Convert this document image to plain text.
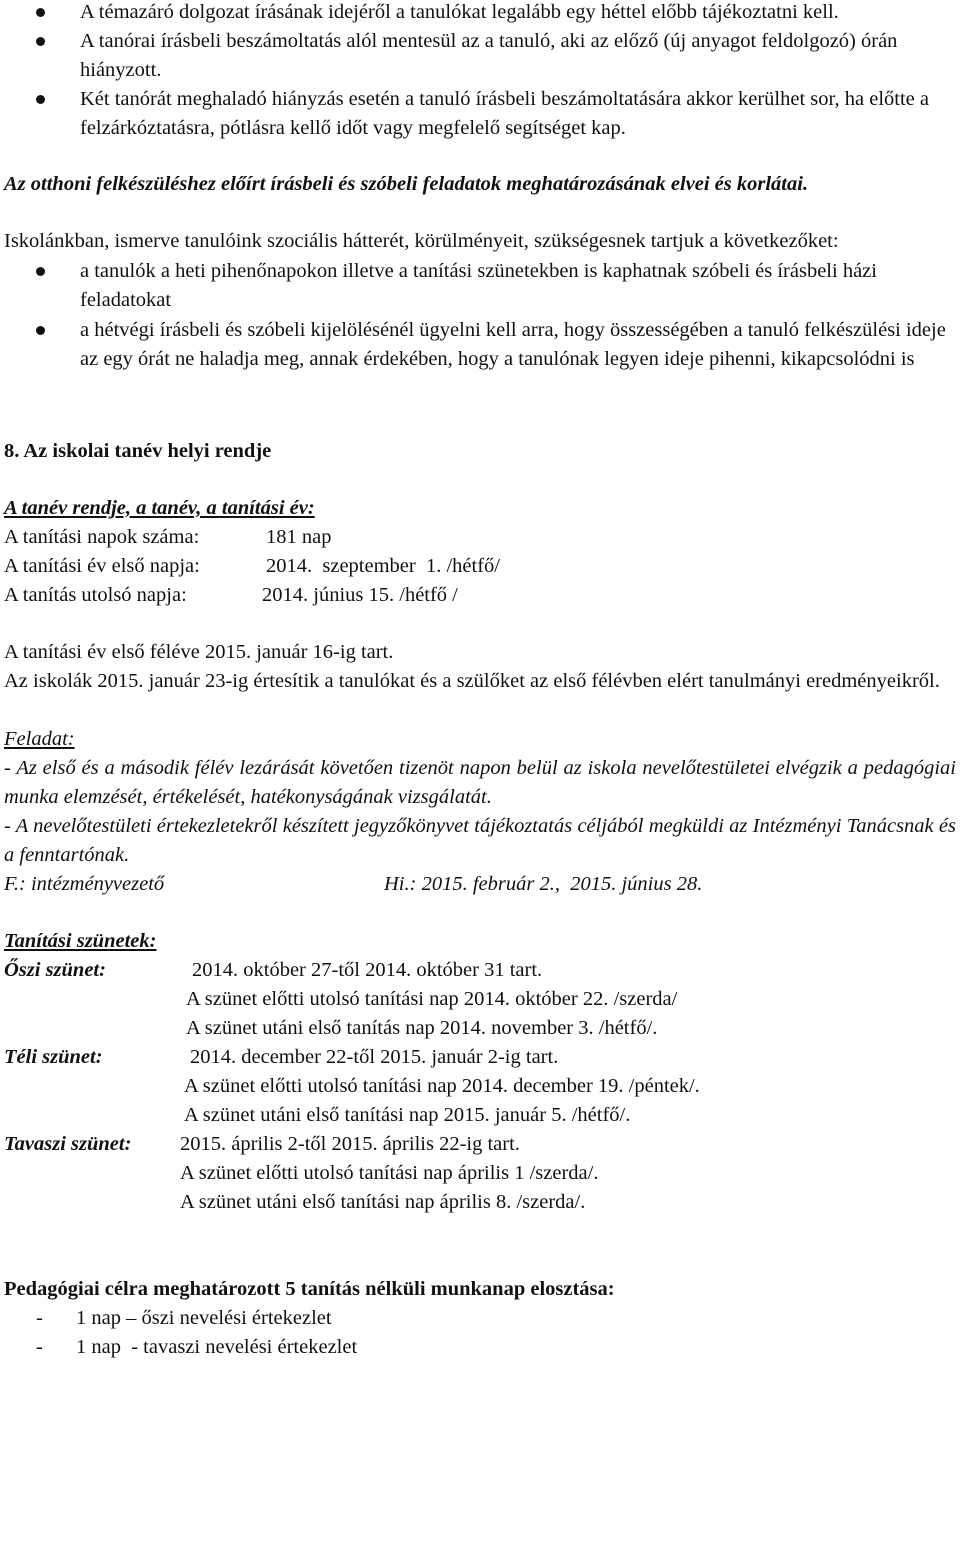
A témazáró dolgozat írásának idejéről a tanulókat legalább egy héttel előbb tájékoztatni kell.
A tanórai írásbeli beszámoltatás alól mentesül az a tanuló, aki az előző (új anyagot feldolgozó) órán hiányzott.
Két tanórát meghaladó hiányzás esetén a tanuló írásbeli beszámoltatására akkor kerülhet sor, ha előtte a felzárkóztatásra, pótlásra kellő időt vagy megfelelő segítséget kap.

Az otthoni felkészüléshez előírt írásbeli és szóbeli feladatok meghatározásának elvei és korlátai.

Iskolánkban, ismerve tanulóink szociális hátterét, körülményeit, szükségesnek tartjuk a következőket:

a tanulók a heti pihenőnapokon illetve a tanítási szünetekben is kaphatnak szóbeli és írásbeli házi feladatokat
a hétvégi írásbeli és szóbeli kijelölésénél ügyelni kell arra, hogy összességében a tanuló felkészülési ideje az egy órát ne haladja meg, annak érdekében, hogy a tanulónak legyen ideje pihenni, kikapcsolódni is

8. Az iskolai tanév helyi rendje

A tanév rendje, a tanév, a tanítási év:

A tanítási napok száma:	181 nap
A tanítási év első napja:	2014.  szeptember  1. /hétfő/
A tanítás utolsó napja:	2014. június 15. /hétfő /

A tanítási év első féléve 2015. január 16-ig tart.

Az iskolák 2015. január 23-ig értesítik a tanulókat és a szülőket az első félévben elért tanulmányi eredményeikről.

Feladat:

- Az első és a második félév lezárását követően tizenöt napon belül az iskola nevelőtestületei elvégzik a pedagógiai munka elemzését, értékelését, hatékonyságának vizsgálatát.

- A nevelőtestületi értekezletekről készített jegyzőkönyvet tájékoztatás céljából megküldi az Intézményi Tanácsnak és a fenntartónak.

F.: intézményvezető	Hi.: 2015. február 2.,  2015. június 28.

Tanítási szünetek:

Őszi szünet:	2014. október 27-től 2014. október 31 tart.
A szünet előtti utolsó tanítási nap 2014. október 22. /szerda/
A szünet utáni első tanítás nap 2014. november 3. /hétfő/.
Téli szünet:	2014. december 22-től 2015. január 2-ig tart.
A szünet előtti utolsó tanítási nap 2014. december 19. /péntek/.
A szünet utáni első tanítási nap 2015. január 5. /hétfő/.
Tavaszi szünet:	2015. április 2-től 2015. április 22-ig tart.
A szünet előtti utolsó tanítási nap április 1 /szerda/.
A szünet utáni első tanítási nap április 8. /szerda/.

Pedagógiai célra meghatározott 5 tanítás nélküli munkanap elosztása:

-	1 nap – őszi nevelési értekezlet
-	1 nap  - tavaszi nevelési értekezlet
